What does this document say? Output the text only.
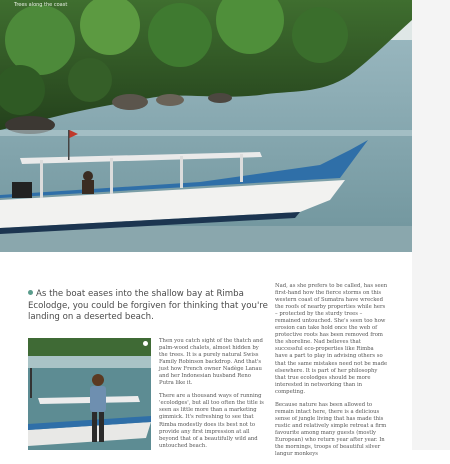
Trees along the coast
As the boat eases into the shallow bay at Rimba Ecolodge, you could be forgiven for thinking that you're landing on a deserted beach.

Then you catch sight of the thatch and palm-wood chalets, almost hidden by the trees. It is a purely natural Swiss Family Robinson backdrop. And that's just how French owner Nadège Lanau and her Indonesian husband Reno Putra like it.

There are a thousand ways of running 'ecolodges', but all too often the title is seen as little more than a marketing gimmick. It's refreshing to see that Rimba modestly does its best not to provide any first impression at all beyond that of a beautifully wild and untouched beach.

Nad, as she prefers to be called, has seen first-hand how the fierce storms on this western coast of Sumatra have wrecked the roofs of nearby properties while hers – protected by the sturdy trees – remained untouched. She's seen too how erosion can take hold once the web of protective roots has been removed from the shoreline. Nad believes that successful eco-properties like Rimba have a part to play in advising others so that the same mistakes need not be made elsewhere. It is part of her philosophy that true ecolodges should be more interested in networking than in competing.

Because nature has been allowed to remain intact here, there is a delicious sense of jungle living that has made this rustic and relatively simple retreat a firm favourite among many guests (mostly European) who return year after year. In the mornings, troops of beautiful silver langur monkeys
